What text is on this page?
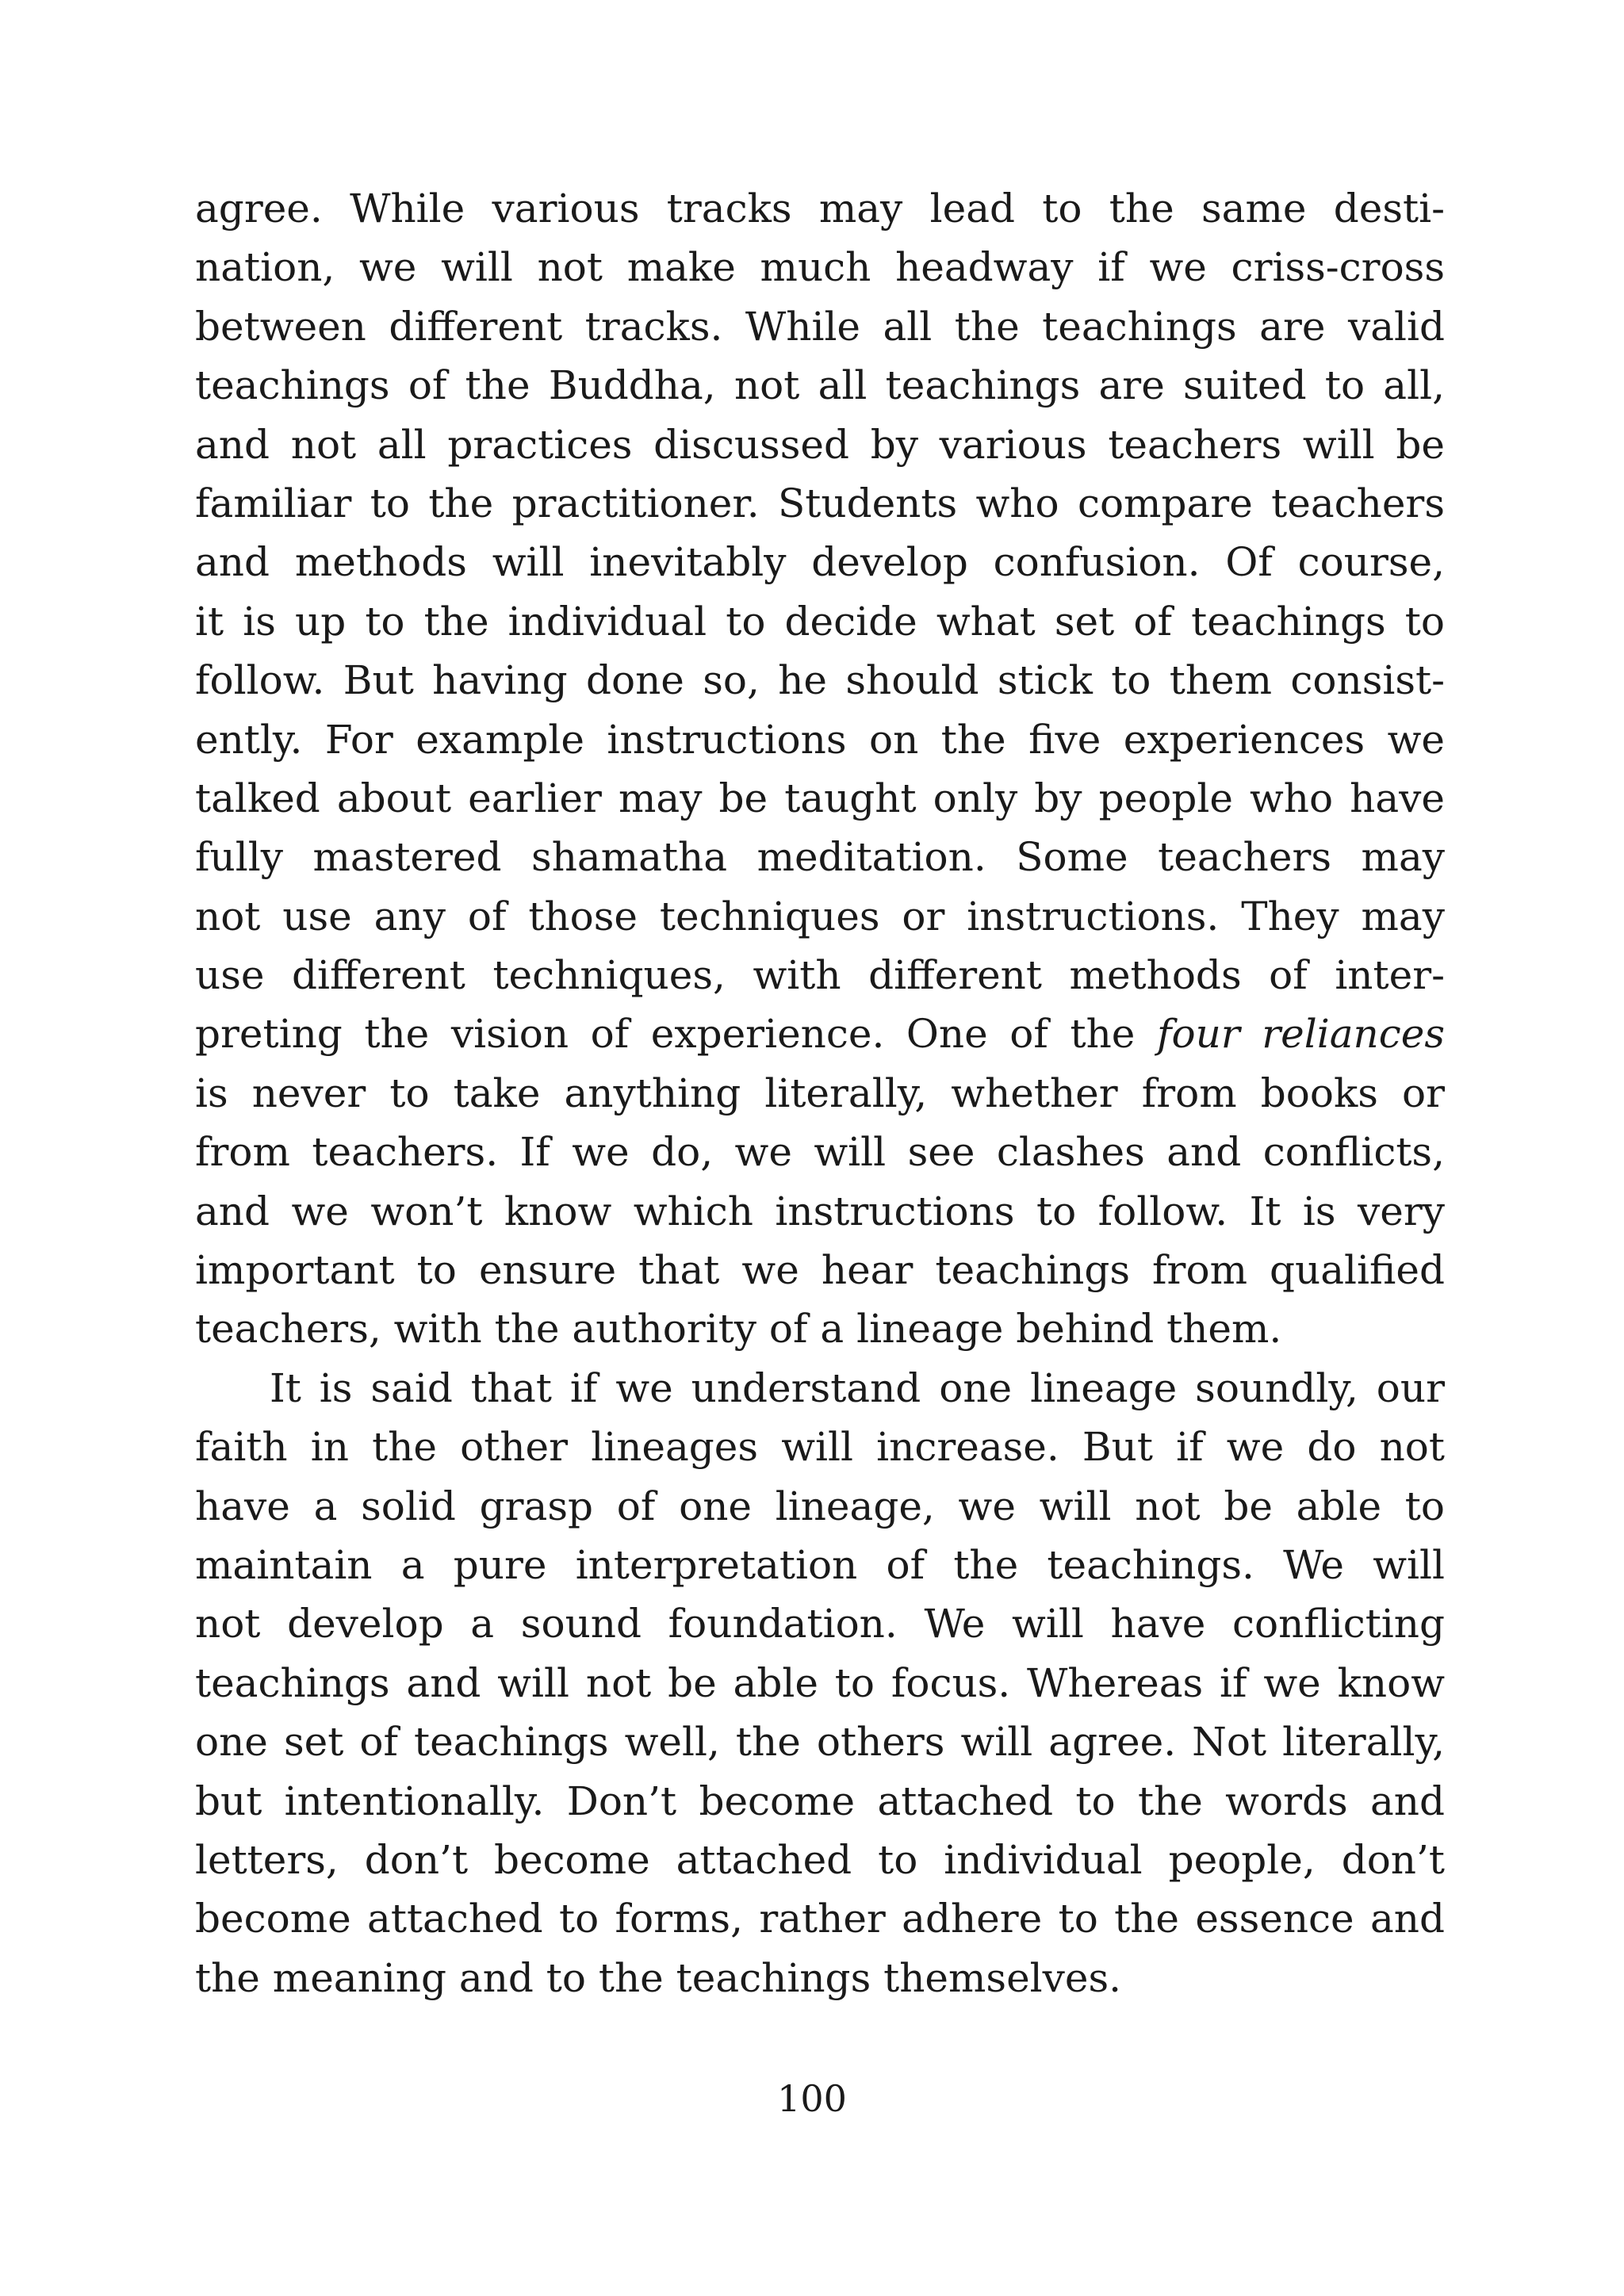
agree. While various tracks may lead to the same desti-
nation, we will not make much headway if we criss-cross
between different tracks. While all the teachings are valid
teachings of the Buddha, not all teachings are suited to all,
and not all practices discussed by various teachers will be
familiar to the practitioner. Students who compare teachers
and methods will inevitably develop confusion. Of course,
it is up to the individual to decide what set of teachings to
follow. But having done so, he should stick to them consist-
ently. For example instructions on the five experiences we
talked about earlier may be taught only by people who have
fully mastered shamatha meditation. Some teachers may
not use any of those techniques or instructions. They may
use different techniques, with different methods of inter-
preting the vision of experience. One of the four reliances
is never to take anything literally, whether from books or
from teachers. If we do, we will see clashes and conflicts,
and we won’t know which instructions to follow. It is very
important to ensure that we hear teachings from qualified
teachers, with the authority of a lineage behind them.
It is said that if we understand one lineage soundly, our
faith in the other lineages will increase. But if we do not
have a solid grasp of one lineage, we will not be able to
maintain a pure interpretation of the teachings. We will
not develop a sound foundation. We will have conflicting
teachings and will not be able to focus. Whereas if we know
one set of teachings well, the others will agree. Not literally,
but intentionally. Don’t become attached to the words and
letters, don’t become attached to individual people, don’t
become attached to forms, rather adhere to the essence and
the meaning and to the teachings themselves.
100
